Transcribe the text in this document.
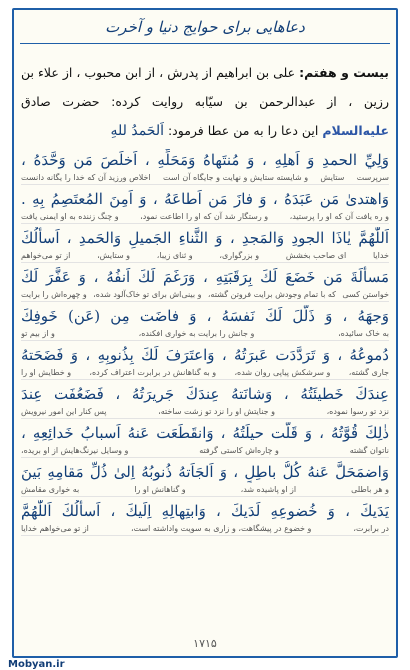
دعاهایی برای حوایج دنیا و آخرت

بیست و هفتم: علی بن ابراهیم از پدرش ، از ابن محبوب ، از علاء بن رزین ، از عبدالرحمن بن سیّابه روایت کرده: حضرت صادق علیه‌السلام این دعا را به من عطا فرمود: اَلحَمدُ للهِ

وَلِيِّ الحمدِ وَ اَهلِهِ ، وَ مُنتَهاهُ وَمَحَلِّهِ ، اَخلَصَ مَن وَحَّدَهُ ،
سرپرست
ستایش
و شایسته ستایش و نهایت و جایگاه آن است
اخلاص ورزید آن که خدا را یگانه دانست
وَاهتدىٰ مَن عَبَدَهُ ، وَ فازَ مَن اَطاعَهُ ، وَ اَمِنَ المُعتَصِمُ بِهِ .
و ره یافت آن که او را پرستید،
و رستگار شد آن که او را اطاعت نمود،
و چنگ زننده به او ایمنی یافت
اَللّٰهُمَّ يٰاذَا الجودِ وَالمَجدِ ، وَ الثَّناءِ الجَميلِ وَالحَمدِ ، اَسأَلُكَ
خدایا
ای صاحب بخشش
و بزرگواری،
و ثنای زیبا،
و ستایش،
از تو می‌خواهم
مَسأَلَةَ مَن خَضَعَ لَكَ بِرَقَبَتِهِ ، وَرَغَمَ لَكَ اَنفُهُ ، وَ عَفَّرَ لَكَ
خواستن کسی
که با تمام وجودش برایت فروتن گشته،
و بینی‌اش برای تو خاک‌آلود شده،
و چهره‌اش را برایت
وَجهَهُ ، وَ ذَلَّلَ لَكَ نَفسَهُ ، وَ فاضَت مِن (عَن) خَوفِكَ
به خاک سائیده،
و جانش را برایت به خواری افکنده،
و از بیم تو
دُموعُهُ ، وَ تَرَدَّدَت عَبرَتُهُ ، وَاعتَرَفَ لَكَ بِذُنوبِهِ ، وَ فَضَحَتهُ
جاری گشته،
و سرشکش پیاپی روان شده،
و به گناهانش در برابرت اعتراف کرده،
و خطایش او را
عِندَكَ خَطيئَتُهُ ، وَشانَتهُ عِندَكَ جَريرَتُهُ ، فَضَعُفَت عِندَ
نزد تو رسوا نموده،
و جنایتش او را نزد تو زشت ساخته،
پس کنار این امور نیرویش
ذٰلِكَ قُوَّتُهُ ، وَ قَلَّت حيلَتُهُ ، وَانقَطَعَت عَنهُ اَسبابُ خَدائِعِهِ ،
ناتوان گشته
و چاره‌اش کاستی گرفته
و وسایل نیرنگ‌هایش از او بریده،
وَاضمَحَلَّ عَنهُ كُلُّ باطِلٍ ، وَ اَلجَاَتهُ ذُنوبُهُ اِلىٰ ذُلِّ مَقامِهِ بَينَ
و هر باطلی
از او پاشیده شد،
و گناهانش او را
به خواری مقامش
يَدَيكَ ، وَ خُضوعِهِ لَدَيكَ ، وَابتِهالِهِ اِلَيكَ ، اَسأَلُكَ اَللّٰهُمَّ
در برابرت،
و خضوع در پیشگاهت، و زاری به سویت واداشته است،
از تو می‌خواهم خدایا
۱۷۱۵
Mobyan.ir
